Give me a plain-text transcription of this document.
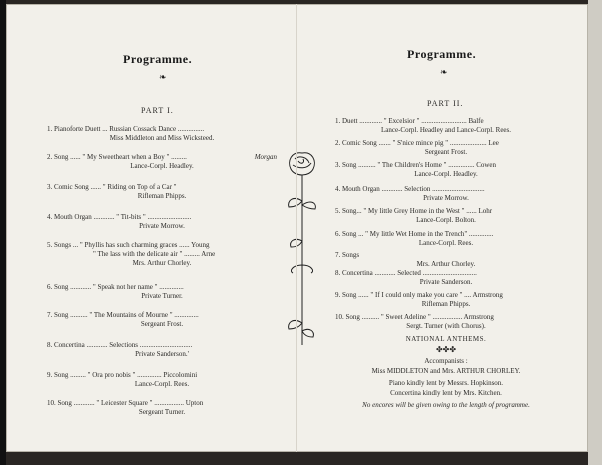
Programme.
❧
PART I.
1. Pianoforte Duett ... Russian Cossack Dance ...............
Miss Middleton and Miss Wicksteed.
2. Song ...... " My Sweetheart when a Boy " .........	Morgan
Lance-Corpl. Headley.
3. Comic Song ...... " Riding on Top of a Car "
Rifleman Phipps.
4. Mouth Organ ............ " Tit-bits " .........................
Private Morrow.
5. Songs ... " Phyllis has such charming graces ...... Young
" The lass with the delicate air " ......... Arne
Mrs. Arthur Chorley.
6. Song ............ " Speak not her name " ..............
Private Turner.
7. Song .......... " The Mountains of Mourne " ..............
Sergeant Frost.
8. Concertina ............ Selections ..............................
Private Sanderson.'
9. Song ......... " Ora pro nobis " .............. Piccolomini
Lance-Corpl. Rees.
10. Song ............ " Leicester Square " ................. Upton
Sergeant Turner.
Programme.
❧
PART II.
1. Duett ............. " Excelsior " .......................... Balfe
Lance-Corpl. Headley and Lance-Corpl. Rees.
2. Comic Song ....... " S'nice mince pig " ..................... Lee
Sergeant Frost.
3. Song .......... " The Children's Home " ............... Cowen
Lance-Corpl. Headley.
4. Mouth Organ ............ Selection ..............................
Private Morrow.
5. Song... " My little Grey Home in the West " ...... Lohr
Lance-Corpl. Bolton.
6. Song ... " My little Wet Home in the Trench" ..............
Lance-Corpl. Rees.
7. Songs
Mrs. Arthur Chorley.
8. Concertina ............ Selected ...............................
Private Sanderson.
9. Song ...... " If I could only make you care " .... Armstrong
Rifleman Phipps.
10. Song .......... " Sweet Adeline " ................. Armstrong
Sergt. Turner (with Chorus).
NATIONAL ANTHEMS.
✤✤✤
Accompanists :
Miss MIDDLETON and Mrs. ARTHUR CHORLEY.
Piano kindly lent by Messrs. Hopkinson.
Concertina kindly lent by Mrs. Kitchen.
No encores will be given owing to the length of programme.
